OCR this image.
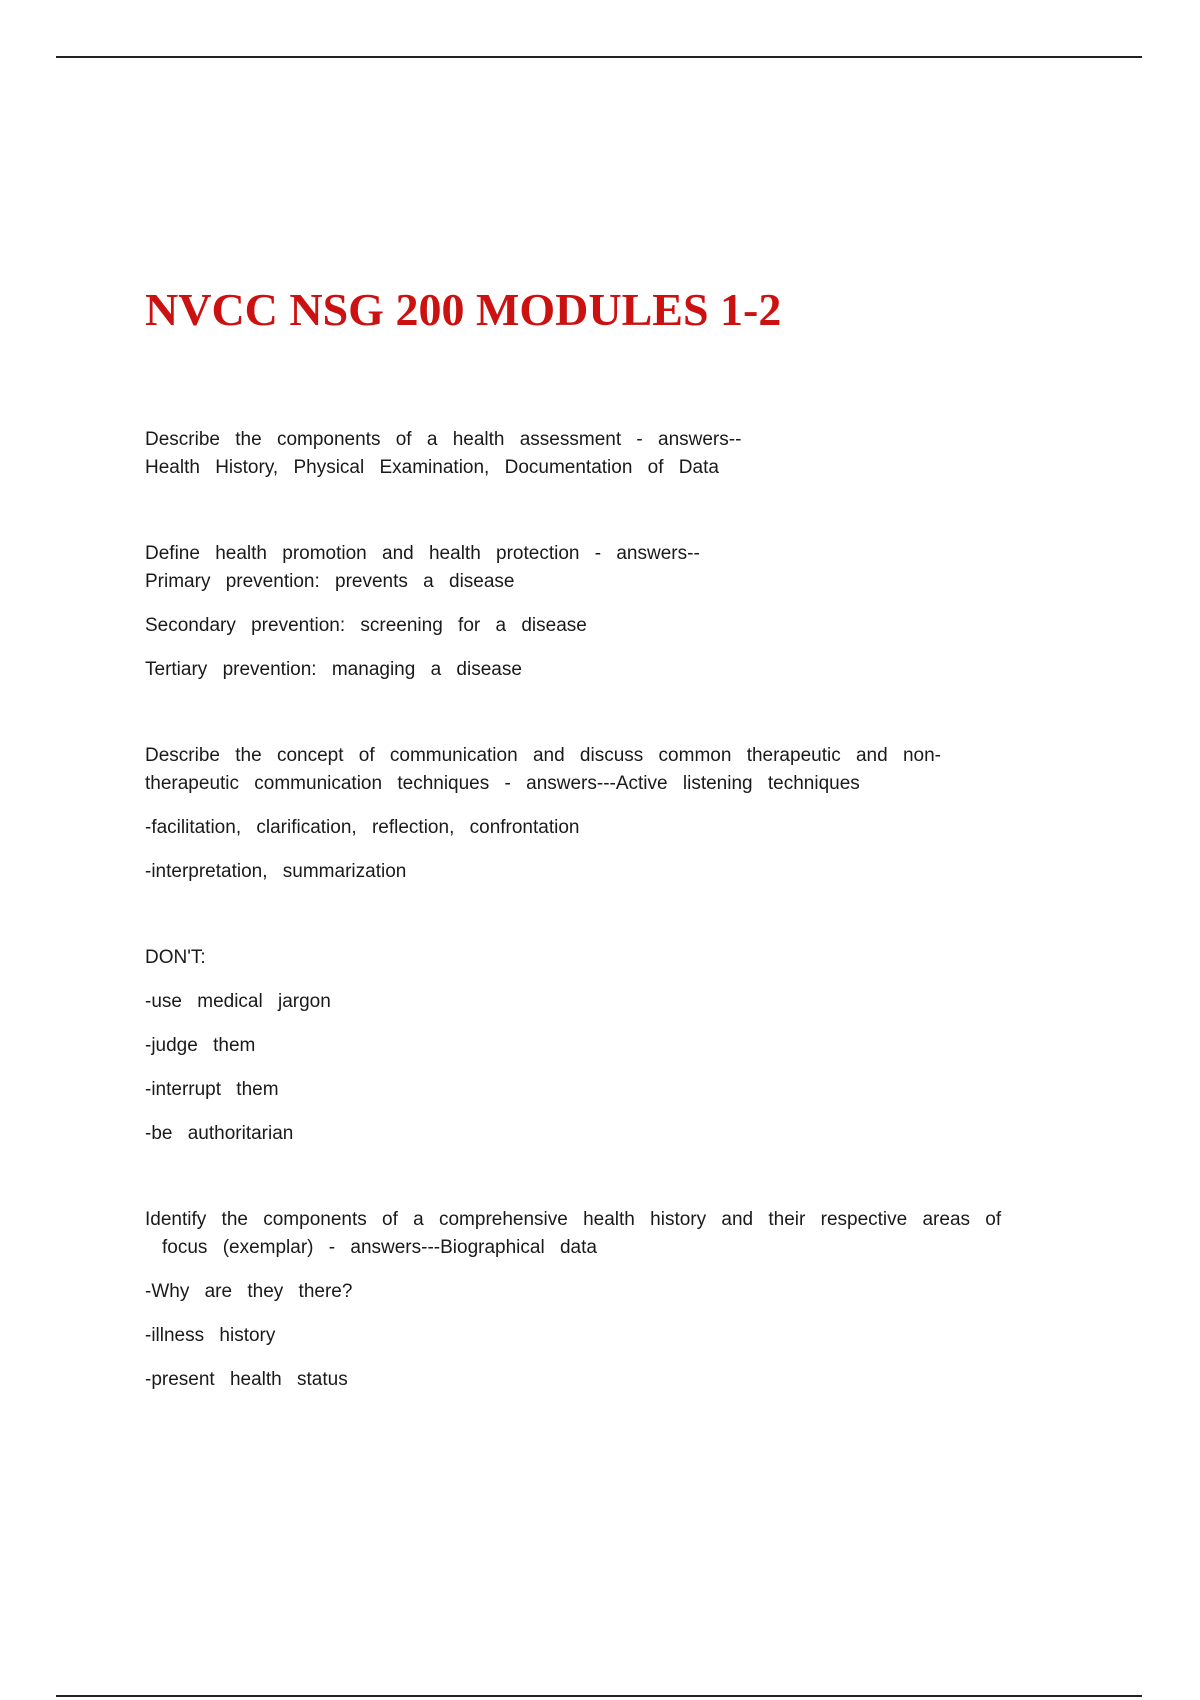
NVCC NSG 200 MODULES 1-2

Describe the components of a health assessment - answers--

Health History, Physical Examination, Documentation of Data

Define health promotion and health protection - answers--

Primary prevention: prevents a disease

Secondary prevention: screening for a disease

Tertiary prevention: managing a disease

Describe the concept of communication and discuss common therapeutic and non-

therapeutic communication techniques - answers---Active listening techniques

-facilitation, clarification, reflection, confrontation

-interpretation, summarization

DON'T:

-use medical jargon

-judge them

-interrupt them

-be authoritarian

Identify the components of a comprehensive health history and their respective areas of

focus (exemplar) - answers---Biographical data

-Why are they there?

-illness history

-present health status
